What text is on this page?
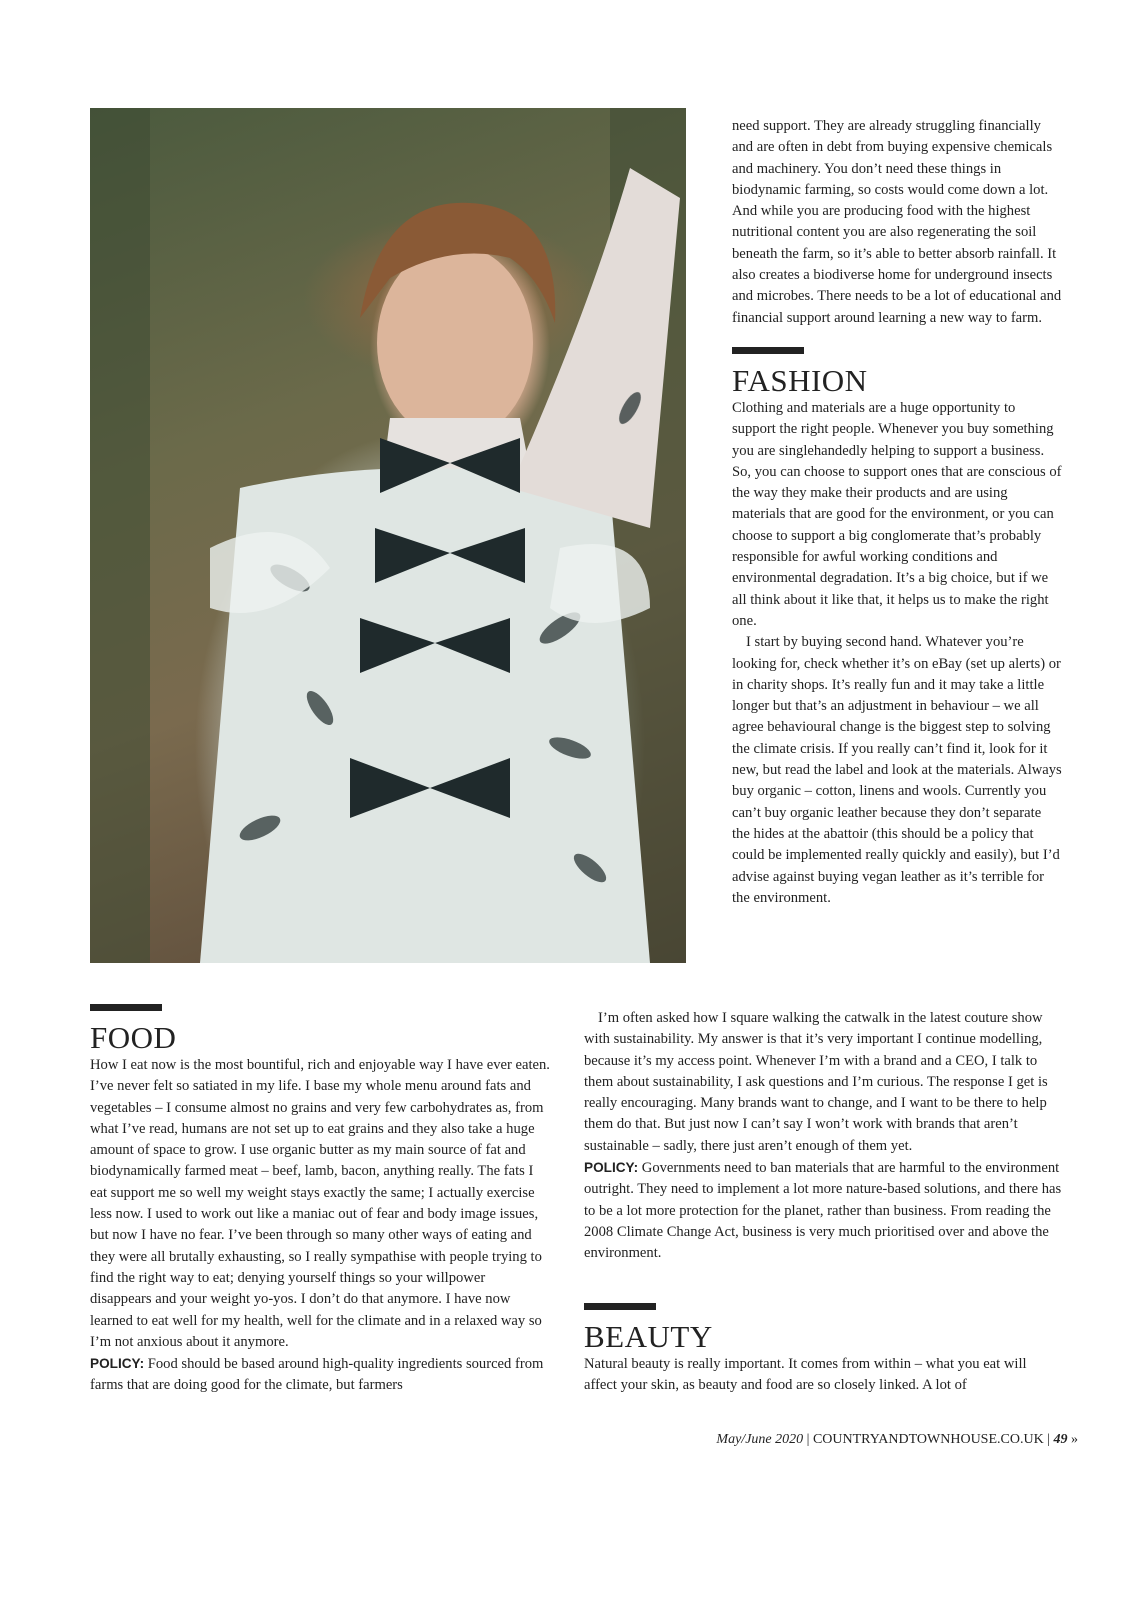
need support. They are already struggling financially and are often in debt from buying expensive chemicals and machinery. You don’t need these things in biodynamic farming, so costs would come down a lot. And while you are producing food with the highest nutritional content you are also regenerating the soil beneath the farm, so it’s able to better absorb rainfall. It also creates a biodiverse home for underground insects and microbes. There needs to be a lot of educational and financial support around learning a new way to farm.

FASHION

Clothing and materials are a huge opportunity to support the right people. Whenever you buy something you are singlehandedly helping to support a business. So, you can choose to support ones that are conscious of the way they make their products and are using materials that are good for the environment, or you can choose to support a big conglomerate that’s probably responsible for awful working conditions and environmental degradation. It’s a big choice, but if we all think about it like that, it helps us to make the right one.

I start by buying second hand. Whatever you’re looking for, check whether it’s on eBay (set up alerts) or in charity shops. It’s really fun and it may take a little longer but that’s an adjustment in behaviour – we all agree behavioural change is the biggest step to solving the climate crisis. If you really can’t find it, look for it new, but read the label and look at the materials. Always buy organic – cotton, linens and wools. Currently you can’t buy organic leather because they don’t separate the hides at the abattoir (this should be a policy that could be implemented really quickly and easily), but I’d advise against buying vegan leather as it’s terrible for the environment.

FOOD

How I eat now is the most bountiful, rich and enjoyable way I have ever eaten. I’ve never felt so satiated in my life. I base my whole menu around fats and vegetables – I consume almost no grains and very few carbohydrates as, from what I’ve read, humans are not set up to eat grains and they also take a huge amount of space to grow. I use organic butter as my main source of fat and biodynamically farmed meat – beef, lamb, bacon, anything really. The fats I eat support me so well my weight stays exactly the same; I actually exercise less now. I used to work out like a maniac out of fear and body image issues, but now I have no fear. I’ve been through so many other ways of eating and they were all brutally exhausting, so I really sympathise with people trying to find the right way to eat; denying yourself things so your willpower disappears and your weight yo-yos. I don’t do that anymore. I have now learned to eat well for my health, well for the climate and in a relaxed way so I’m not anxious about it anymore.

POLICY: Food should be based around high-quality ingredients sourced from farms that are doing good for the climate, but farmers

I’m often asked how I square walking the catwalk in the latest couture show with sustainability. My answer is that it’s very important I continue modelling, because it’s my access point. Whenever I’m with a brand and a CEO, I talk to them about sustainability, I ask questions and I’m curious. The response I get is really encouraging. Many brands want to change, and I want to be there to help them do that. But just now I can’t say I won’t work with brands that aren’t sustainable – sadly, there just aren’t enough of them yet.

POLICY: Governments need to ban materials that are harmful to the environment outright. They need to implement a lot more nature-based solutions, and there has to be a lot more protection for the planet, rather than business. From reading the 2008 Climate Change Act, business is very much prioritised over and above the environment.

BEAUTY

Natural beauty is really important. It comes from within – what you eat will affect your skin, as beauty and food are so closely linked. A lot of

May/June 2020 | COUNTRYANDTOWNHOUSE.CO.UK | 49 »
